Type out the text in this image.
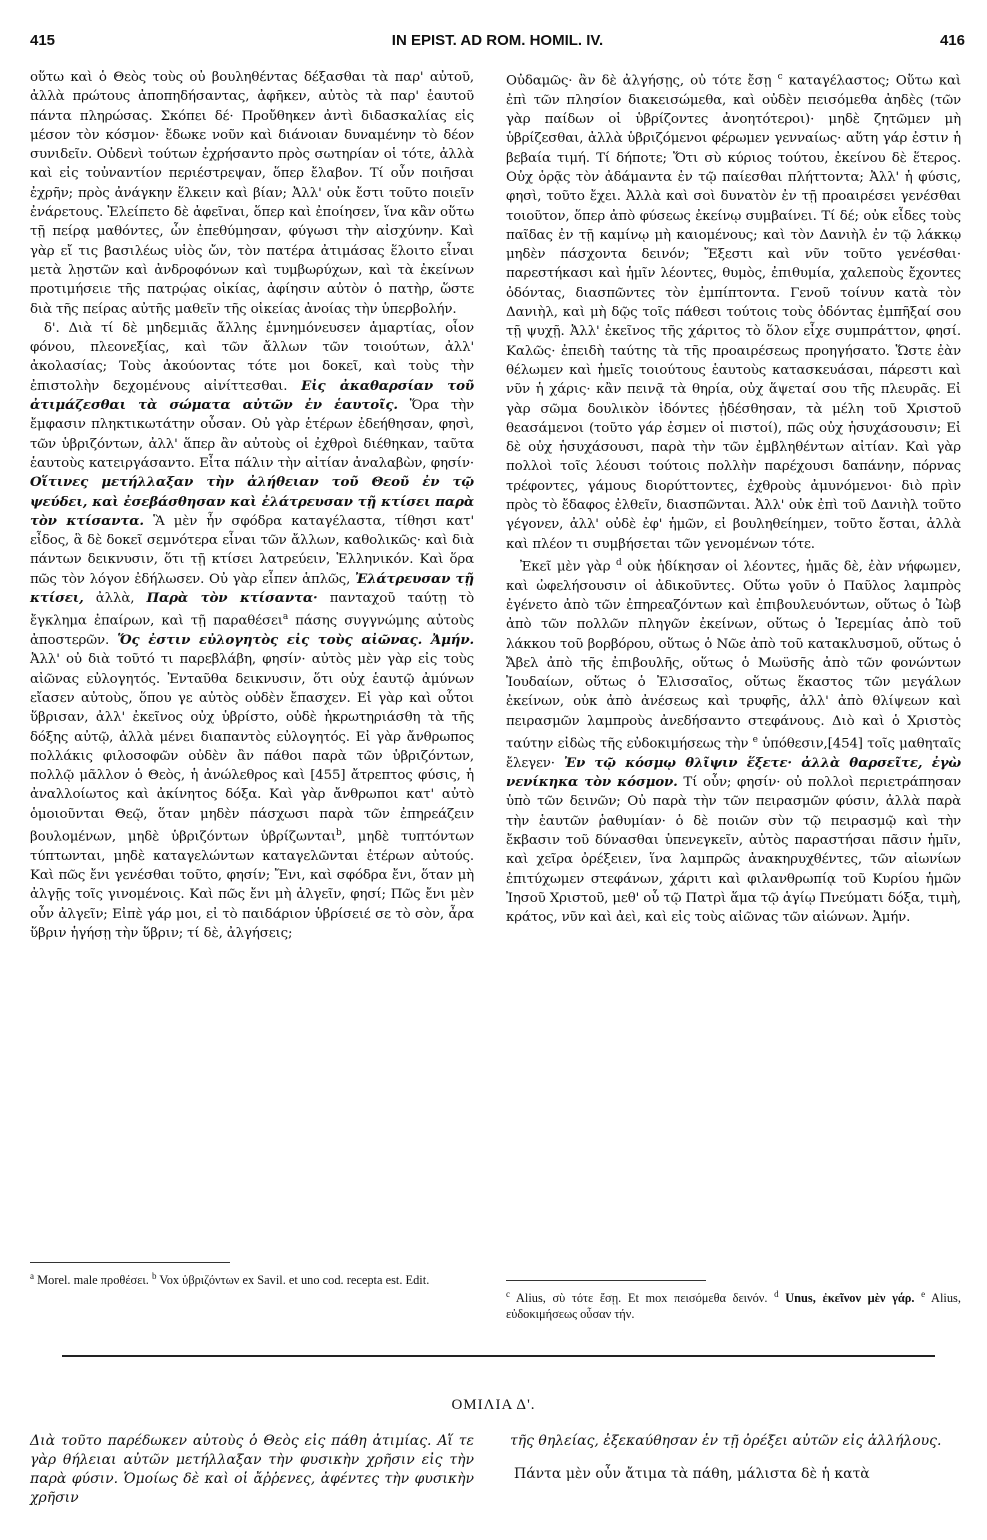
415	IN EPIST. AD ROM. HOMIL. IV.	416

οὕτω καὶ ὁ Θεὸς τοὺς οὐ βουληθέντας δέξασθαι τὰ παρ' αὐτοῦ, ἀλλὰ πρώτους ἀποπηδήσαντας, ἀφῆκεν, αὐτὸς τὰ παρ' ἑαυτοῦ πάντα πληρώσας. Σκόπει δέ· Προὔθηκεν ἀντὶ διδασκαλίας εἰς μέσον τὸν κόσμον· ἔδωκε νοῦν καὶ διάνοιαν δυναμένην τὸ δέον συνιδεῖν. Οὐδενὶ τούτων ἐχρήσαντο πρὸς σωτηρίαν οἱ τότε, ἀλλὰ καὶ εἰς τοὐναντίον περιέστρεψαν, ὅπερ ἔλαβον. Τί οὖν ποιῆσαι ἐχρῆν; πρὸς ἀνάγκην ἕλκειν καὶ βίαν; Ἀλλ' οὐκ ἔστι τοῦτο ποιεῖν ἐνάρετους. Ἐλείπετο δὲ ἀφεῖναι, ὅπερ καὶ ἐποίησεν, ἵνα κἂν οὕτω τῇ πείρᾳ μαθόντες, ὧν ἐπεθύμησαν, φύγωσι τὴν αἰσχύνην. Καὶ γὰρ εἴ τις βασιλέως υἱὸς ὤν, τὸν πατέρα ἀτιμάσας ἕλοιτο εἶναι μετὰ λῃστῶν καὶ ἀνδροφόνων καὶ τυμβωρύχων, καὶ τὰ ἐκείνων προτιμήσειε τῆς πατρῴας οἰκίας, ἀφίησιν αὐτὸν ὁ πατὴρ, ὥστε διὰ τῆς πείρας αὐτῆς μαθεῖν τῆς οἰκείας ἀνοίας τὴν ὑπερβολήν.

δ'. Διὰ τί δὲ μηδεμιᾶς ἄλλης ἐμνημόνευσεν ἁμαρτίας, οἷον φόνου, πλεονεξίας, καὶ τῶν ἄλλων τῶν τοιούτων, ἀλλ' ἀκολασίας; Τοὺς ἀκούοντας τότε μοι δοκεῖ, καὶ τοὺς τὴν ἐπιστολὴν δεχομένους αἰνίττεσθαι. Εἰς ἀκαθαρσίαν τοῦ ἀτιμάζεσθαι τὰ σώματα αὐτῶν ἐν ἑαυτοῖς. Ὅρα τὴν ἔμφασιν πληκτικωτάτην οὖσαν. Οὐ γὰρ ἑτέρων ἐδεήθησαν, φησὶ, τῶν ὑβριζόντων, ἀλλ' ἅπερ ἂν αὐτοὺς οἱ ἐχθροὶ διέθηκαν, ταῦτα ἑαυτοὺς κατειργάσαντο. Εἶτα πάλιν τὴν αἰτίαν ἀναλαβὼν, φησίν· Οἵτινες μετήλλαξαν τὴν ἀλήθειαν τοῦ Θεοῦ ἐν τῷ ψεύδει, καὶ ἐσεβάσθησαν καὶ ἐλάτρευσαν τῇ κτίσει παρὰ τὸν κτίσαντα. Ἃ μὲν ἦν σφόδρα καταγέλαστα, τίθησι κατ' εἶδος, ἃ δὲ δοκεῖ σεμνότερα εἶναι τῶν ἄλλων, καθολικῶς· καὶ διὰ πάντων δεικνυσιν, ὅτι τῇ κτίσει λατρεύειν, Ἑλληνικόν. Καὶ ὅρα πῶς τὸν λόγον ἐδήλωσεν. Οὐ γὰρ εἶπεν ἁπλῶς, Ἐλάτρευσαν τῇ κτίσει, ἀλλὰ, Παρὰ τὸν κτίσαντα· πανταχοῦ ταύτῃ τὸ ἔγκλημα ἐπαίρων, καὶ τῇ παραθέσει$^a$ πάσης συγγνώμης αὐτοὺς ἀποστερῶν. Ὅς ἐστιν εὐλογητὸς εἰς τοὺς αἰῶνας. Ἀμήν. Ἀλλ' οὐ διὰ τοῦτό τι παρεβλάβη, φησίν· αὐτὸς μὲν γὰρ εἰς τοὺς αἰῶνας εὐλογητός. Ἐνταῦθα δεικνυσιν, ὅτι οὐχ ἑαυτῷ ἀμύνων εἴασεν αὐτοὺς, ὅπου γε αὐτὸς οὐδὲν ἔπασχεν. Εἰ γὰρ καὶ οὗτοι ὕβρισαν, ἀλλ' ἐκεῖνος οὐχ ὑβρίστο, οὐδὲ ἠκρωτηριάσθη τὰ τῆς δόξης αὐτῷ, ἀλλὰ μένει διαπαντὸς εὐλογητός. Εἰ γὰρ ἄνθρωπος πολλάκις φιλοσοφῶν οὐδὲν ἂν πάθοι παρὰ τῶν ὑβριζόντων, πολλῷ μᾶλλον ὁ Θεὸς, ἡ ἀνώλεθρος καὶ [455] ἄτρεπτος φύσις, ἡ ἀναλλοίωτος καὶ ἀκίνητος δόξα. Καὶ γὰρ ἄνθρωποι κατ' αὐτὸ ὁμοιοῦνται Θεῷ, ὅταν μηδὲν πάσχωσι παρὰ τῶν ἐπηρεάζειν βουλομένων, μηδὲ ὑβριζόντων ὑβρίζωνται$^b$, μηδὲ τυπτόντων τύπτωνται, μηδὲ καταγελώντων καταγελῶνται ἑτέρων αὐτούς. Καὶ πῶς ἔνι γενέσθαι τοῦτο, φησίν; Ἔνι, καὶ σφόδρα ἔνι, ὅταν μὴ ἀλγῇς τοῖς γινομένοις. Καὶ πῶς ἔνι μὴ ἀλγεῖν, φησί; Πῶς ἔνι μὲν οὖν ἀλγεῖν; Εἰπὲ γάρ μοι, εἰ τὸ παιδάριον ὑβρίσειέ σε τὸ σὸν, ἆρα ὕβριν ἡγήσῃ τὴν ὕβριν; τί δὲ, ἀλγήσεις;

$^a$ Morel. male προθέσει. $^b$ Vox ὑβριζόντων ex Savil. et uno cod. recepta est. Edit.

Οὐδαμῶς· ἂν δὲ ἀλγήσῃς, οὐ τότε ἔσῃ $^c$ καταγέλαστος; Οὕτω καὶ ἐπὶ τῶν πλησίον διακεισώμεθα, καὶ οὐδὲν πεισόμεθα ἀηδὲς (τῶν γὰρ παίδων οἱ ὑβρίζοντες ἀνοητότεροι)· μηδὲ ζητῶμεν μὴ ὑβρίζεσθαι, ἀλλὰ ὑβριζόμενοι φέρωμεν γενναίως· αὕτη γάρ ἐστιν ἡ βεβαία τιμή. Τί δήποτε; Ὅτι σὺ κύριος τούτου, ἐκείνου δὲ ἕτερος. Οὐχ ὁρᾷς τὸν ἀδάμαντα ἐν τῷ παίεσθαι πλήττοντα; Ἀλλ' ἡ φύσις, φησὶ, τοῦτο ἔχει. Ἀλλὰ καὶ σοὶ δυνατὸν ἐν τῇ προαιρέσει γενέσθαι τοιοῦτον, ὅπερ ἀπὸ φύσεως ἐκείνῳ συμβαίνει. Τί δέ; οὐκ εἶδες τοὺς παῖδας ἐν τῇ καμίνῳ μὴ καιομένους; καὶ τὸν Δανιὴλ ἐν τῷ λάκκῳ μηδὲν πάσχοντα δεινόν; Ἔξεστι καὶ νῦν τοῦτο γενέσθαι· παρεστήκασι καὶ ἡμῖν λέοντες, θυμὸς, ἐπιθυμία, χαλεποὺς ἔχοντες ὀδόντας, διασπῶντες τὸν ἐμπίπτοντα. Γενοῦ τοίνυν κατὰ τὸν Δανιὴλ, καὶ μὴ δῷς τοῖς πάθεσι τούτοις τοὺς ὀδόντας ἐμπῆξαί σου τῇ ψυχῇ. Ἀλλ' ἐκεῖνος τῆς χάριτος τὸ ὅλον εἶχε συμπράττον, φησί. Καλῶς· ἐπειδὴ ταύτης τὰ τῆς προαιρέσεως προηγήσατο. Ὥστε ἐὰν θέλωμεν καὶ ἡμεῖς τοιούτους ἑαυτοὺς κατασκευάσαι, πάρεστι καὶ νῦν ἡ χάρις· κἂν πεινᾷ τὰ θηρία, οὐχ ἅψεταί σου τῆς πλευρᾶς. Εἰ γὰρ σῶμα δουλικὸν ἰδόντες ᾐδέσθησαν, τὰ μέλη τοῦ Χριστοῦ θεασάμενοι (τοῦτο γάρ ἐσμεν οἱ πιστοί), πῶς οὐχ ἡσυχάσουσιν; Εἰ δὲ οὐχ ἡσυχάσουσι, παρὰ τὴν τῶν ἐμβληθέντων αἰτίαν. Καὶ γὰρ πολλοὶ τοῖς λέουσι τούτοις πολλὴν παρέχουσι δαπάνην, πόρνας τρέφοντες, γάμους διορύττοντες, ἐχθροὺς ἀμυνόμενοι· διὸ πρὶν πρὸς τὸ ἔδαφος ἐλθεῖν, διασπῶνται. Ἀλλ' οὐκ ἐπὶ τοῦ Δανιὴλ τοῦτο γέγονεν, ἀλλ' οὐδὲ ἐφ' ἡμῶν, εἰ βουληθείημεν, τοῦτο ἔσται, ἀλλὰ καὶ πλέον τι συμβήσεται τῶν γενομένων τότε.

Ἐκεῖ μὲν γὰρ $^d$ οὐκ ἠδίκησαν οἱ λέοντες, ἡμᾶς δὲ, ἐὰν νήφωμεν, καὶ ὠφελήσουσιν οἱ ἀδικοῦντες. Οὕτω γοῦν ὁ Παῦλος λαμπρὸς ἐγένετο ἀπὸ τῶν ἐπηρεαζόντων καὶ ἐπιβουλευόντων, οὕτως ὁ Ἰὼβ ἀπὸ τῶν πολλῶν πληγῶν ἐκείνων, οὕτως ὁ Ἱερεμίας ἀπὸ τοῦ λάκκου τοῦ βορβόρου, οὕτως ὁ Νῶε ἀπὸ τοῦ κατακλυσμοῦ, οὕτως ὁ Ἄβελ ἀπὸ τῆς ἐπιβουλῆς, οὕτως ὁ Μωϋσῆς ἀπὸ τῶν φονώντων Ἰουδαίων, οὕτως ὁ Ἐλισσαῖος, οὕτως ἕκαστος τῶν μεγάλων ἐκείνων, οὐκ ἀπὸ ἀνέσεως καὶ τρυφῆς, ἀλλ' ἀπὸ θλίψεων καὶ πειρασμῶν λαμπροὺς ἀνεδήσαντο στεφάνους. Διὸ καὶ ὁ Χριστὸς ταύτην εἰδὼς τῆς εὐδοκιμήσεως τὴν $^e$ ὑπόθεσιν,[454] τοῖς μαθηταῖς ἔλεγεν· Ἐν τῷ κόσμῳ θλῖψιν ἕξετε· ἀλλὰ θαρσεῖτε, ἐγὼ νενίκηκα τὸν κόσμον. Τί οὖν; φησίν· οὐ πολλοὶ περιετράπησαν ὑπὸ τῶν δεινῶν; Οὐ παρὰ τὴν τῶν πειρασμῶν φύσιν, ἀλλὰ παρὰ τὴν ἑαυτῶν ῥαθυμίαν· ὁ δὲ ποιῶν σὺν τῷ πειρασμῷ καὶ τὴν ἔκβασιν τοῦ δύνασθαι ὑπενεγκεῖν, αὐτὸς παραστήσαι πᾶσιν ἡμῖν, καὶ χεῖρα ὀρέξειεν, ἵνα λαμπρῶς ἀνακηρυχθέντες, τῶν αἰωνίων ἐπιτύχωμεν στεφάνων, χάριτι καὶ φιλανθρωπίᾳ τοῦ Κυρίου ἡμῶν Ἰησοῦ Χριστοῦ, μεθ' οὗ τῷ Πατρὶ ἅμα τῷ ἁγίῳ Πνεύματι δόξα, τιμὴ, κράτος, νῦν καὶ ἀεὶ, καὶ εἰς τοὺς αἰῶνας τῶν αἰώνων. Ἀμήν.

$^c$ Alius, σὺ τότε ἔσῃ. Et mox πεισόμεθα δεινόν. $^d$ Unus, ἐκεῖνον μὲν γάρ. $^e$ Alius, εὐδοκιμήσεως οὖσαν τήν.
ΟΜΙΛΙΑ Δ'.

Διὰ τοῦτο παρέδωκεν αὐτοὺς ὁ Θεὸς εἰς πάθη ἀτιμίας. Αἵ τε γὰρ θήλειαι αὐτῶν μετήλλαξαν τὴν φυσικὴν χρῆσιν εἰς τὴν παρὰ φύσιν. Ὁμοίως δὲ καὶ οἱ ἄῤῥενες, ἀφέντες τὴν φυσικὴν χρῆσιν

τῆς θηλείας, ἐξεκαύθησαν ἐν τῇ ὀρέξει αὐτῶν εἰς ἀλλήλους.

Πάντα μὲν οὖν ἄτιμα τὰ πάθη, μάλιστα δὲ ἡ κατὰ
